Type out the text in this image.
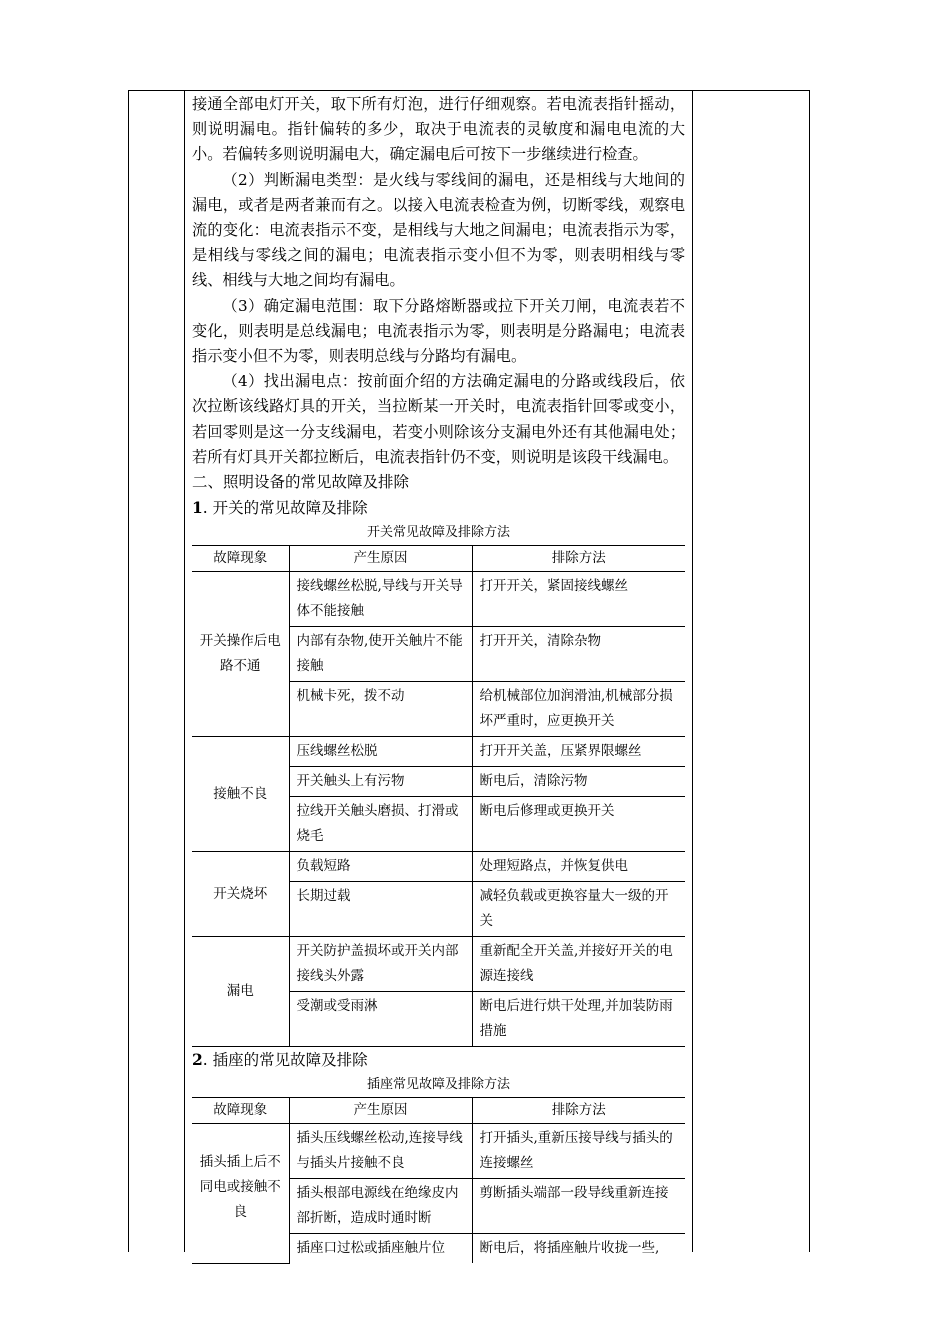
接通全部电灯开关，取下所有灯泡，进行仔细观察。若电流表指针摇动，则说明漏电。指针偏转的多少，取决于电流表的灵敏度和漏电电流的大小。若偏转多则说明漏电大，确定漏电后可按下一步继续进行检查。

（2）判断漏电类型：是火线与零线间的漏电，还是相线与大地间的漏电，或者是两者兼而有之。以接入电流表检查为例，切断零线，观察电流的变化：电流表指示不变，是相线与大地之间漏电；电流表指示为零，是相线与零线之间的漏电；电流表指示变小但不为零，则表明相线与零线、相线与大地之间均有漏电。

（3）确定漏电范围：取下分路熔断器或拉下开关刀闸，电流表若不变化，则表明是总线漏电；电流表指示为零，则表明是分路漏电；电流表指示变小但不为零，则表明总线与分路均有漏电。

（4）找出漏电点：按前面介绍的方法确定漏电的分路或线段后，依次拉断该线路灯具的开关，当拉断某一开关时，电流表指针回零或变小，若回零则是这一分支线漏电，若变小则除该分支漏电外还有其他漏电处；若所有灯具开关都拉断后，电流表指针仍不变，则说明是该段干线漏电。

二、照明设备的常见故障及排除

1. 开关的常见故障及排除

开关常见故障及排除方法
故障现象	产生原因	排除方法
开关操作后电路不通	接线螺丝松脱,导线与开关导体不能接触	打开开关，紧固接线螺丝
	内部有杂物,使开关触片不能接触	打开开关，清除杂物
	机械卡死，拨不动	给机械部位加润滑油,机械部分损坏严重时，应更换开关
接触不良	压线螺丝松脱	打开开关盖，压紧界限螺丝
	开关触头上有污物	断电后，清除污物
	拉线开关触头磨损、打滑或烧毛	断电后修理或更换开关
开关烧坏	负载短路	处理短路点，并恢复供电
	长期过载	减轻负载或更换容量大一级的开关
漏电	开关防护盖损坏或开关内部接线头外露	重新配全开关盖,并接好开关的电源连接线
	受潮或受雨淋	断电后进行烘干处理,并加装防雨措施

2. 插座的常见故障及排除

插座常见故障及排除方法
故障现象	产生原因	排除方法
插头插上后不同电或接触不良	插头压线螺丝松动,连接导线与插头片接触不良	打开插头,重新压接导线与插头的连接螺丝
	插头根部电源线在绝缘皮内部折断，造成时通时断	剪断插头端部一段导线重新连接
	插座口过松或插座触片位	断电后，将插座触片收拢一些,
